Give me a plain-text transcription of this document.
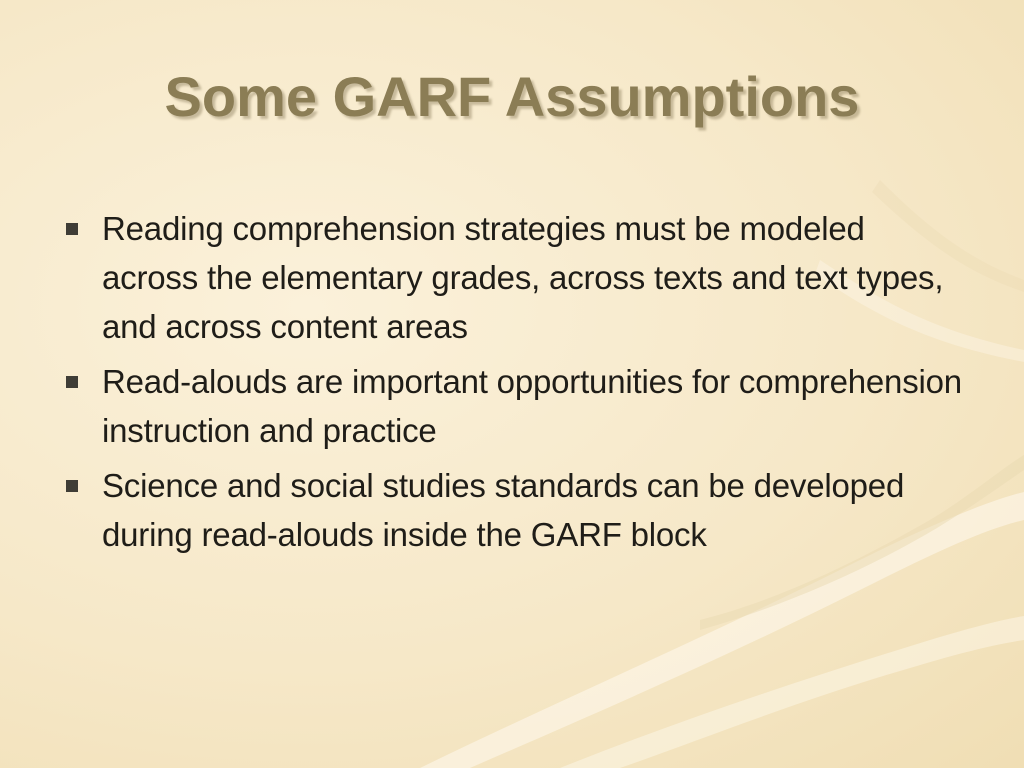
Some GARF Assumptions
Reading comprehension strategies must be modeled across the elementary grades, across texts and text types, and across content areas
Read-alouds are important opportunities for comprehension instruction and practice
Science and social studies standards can be developed during read-alouds inside the GARF block
